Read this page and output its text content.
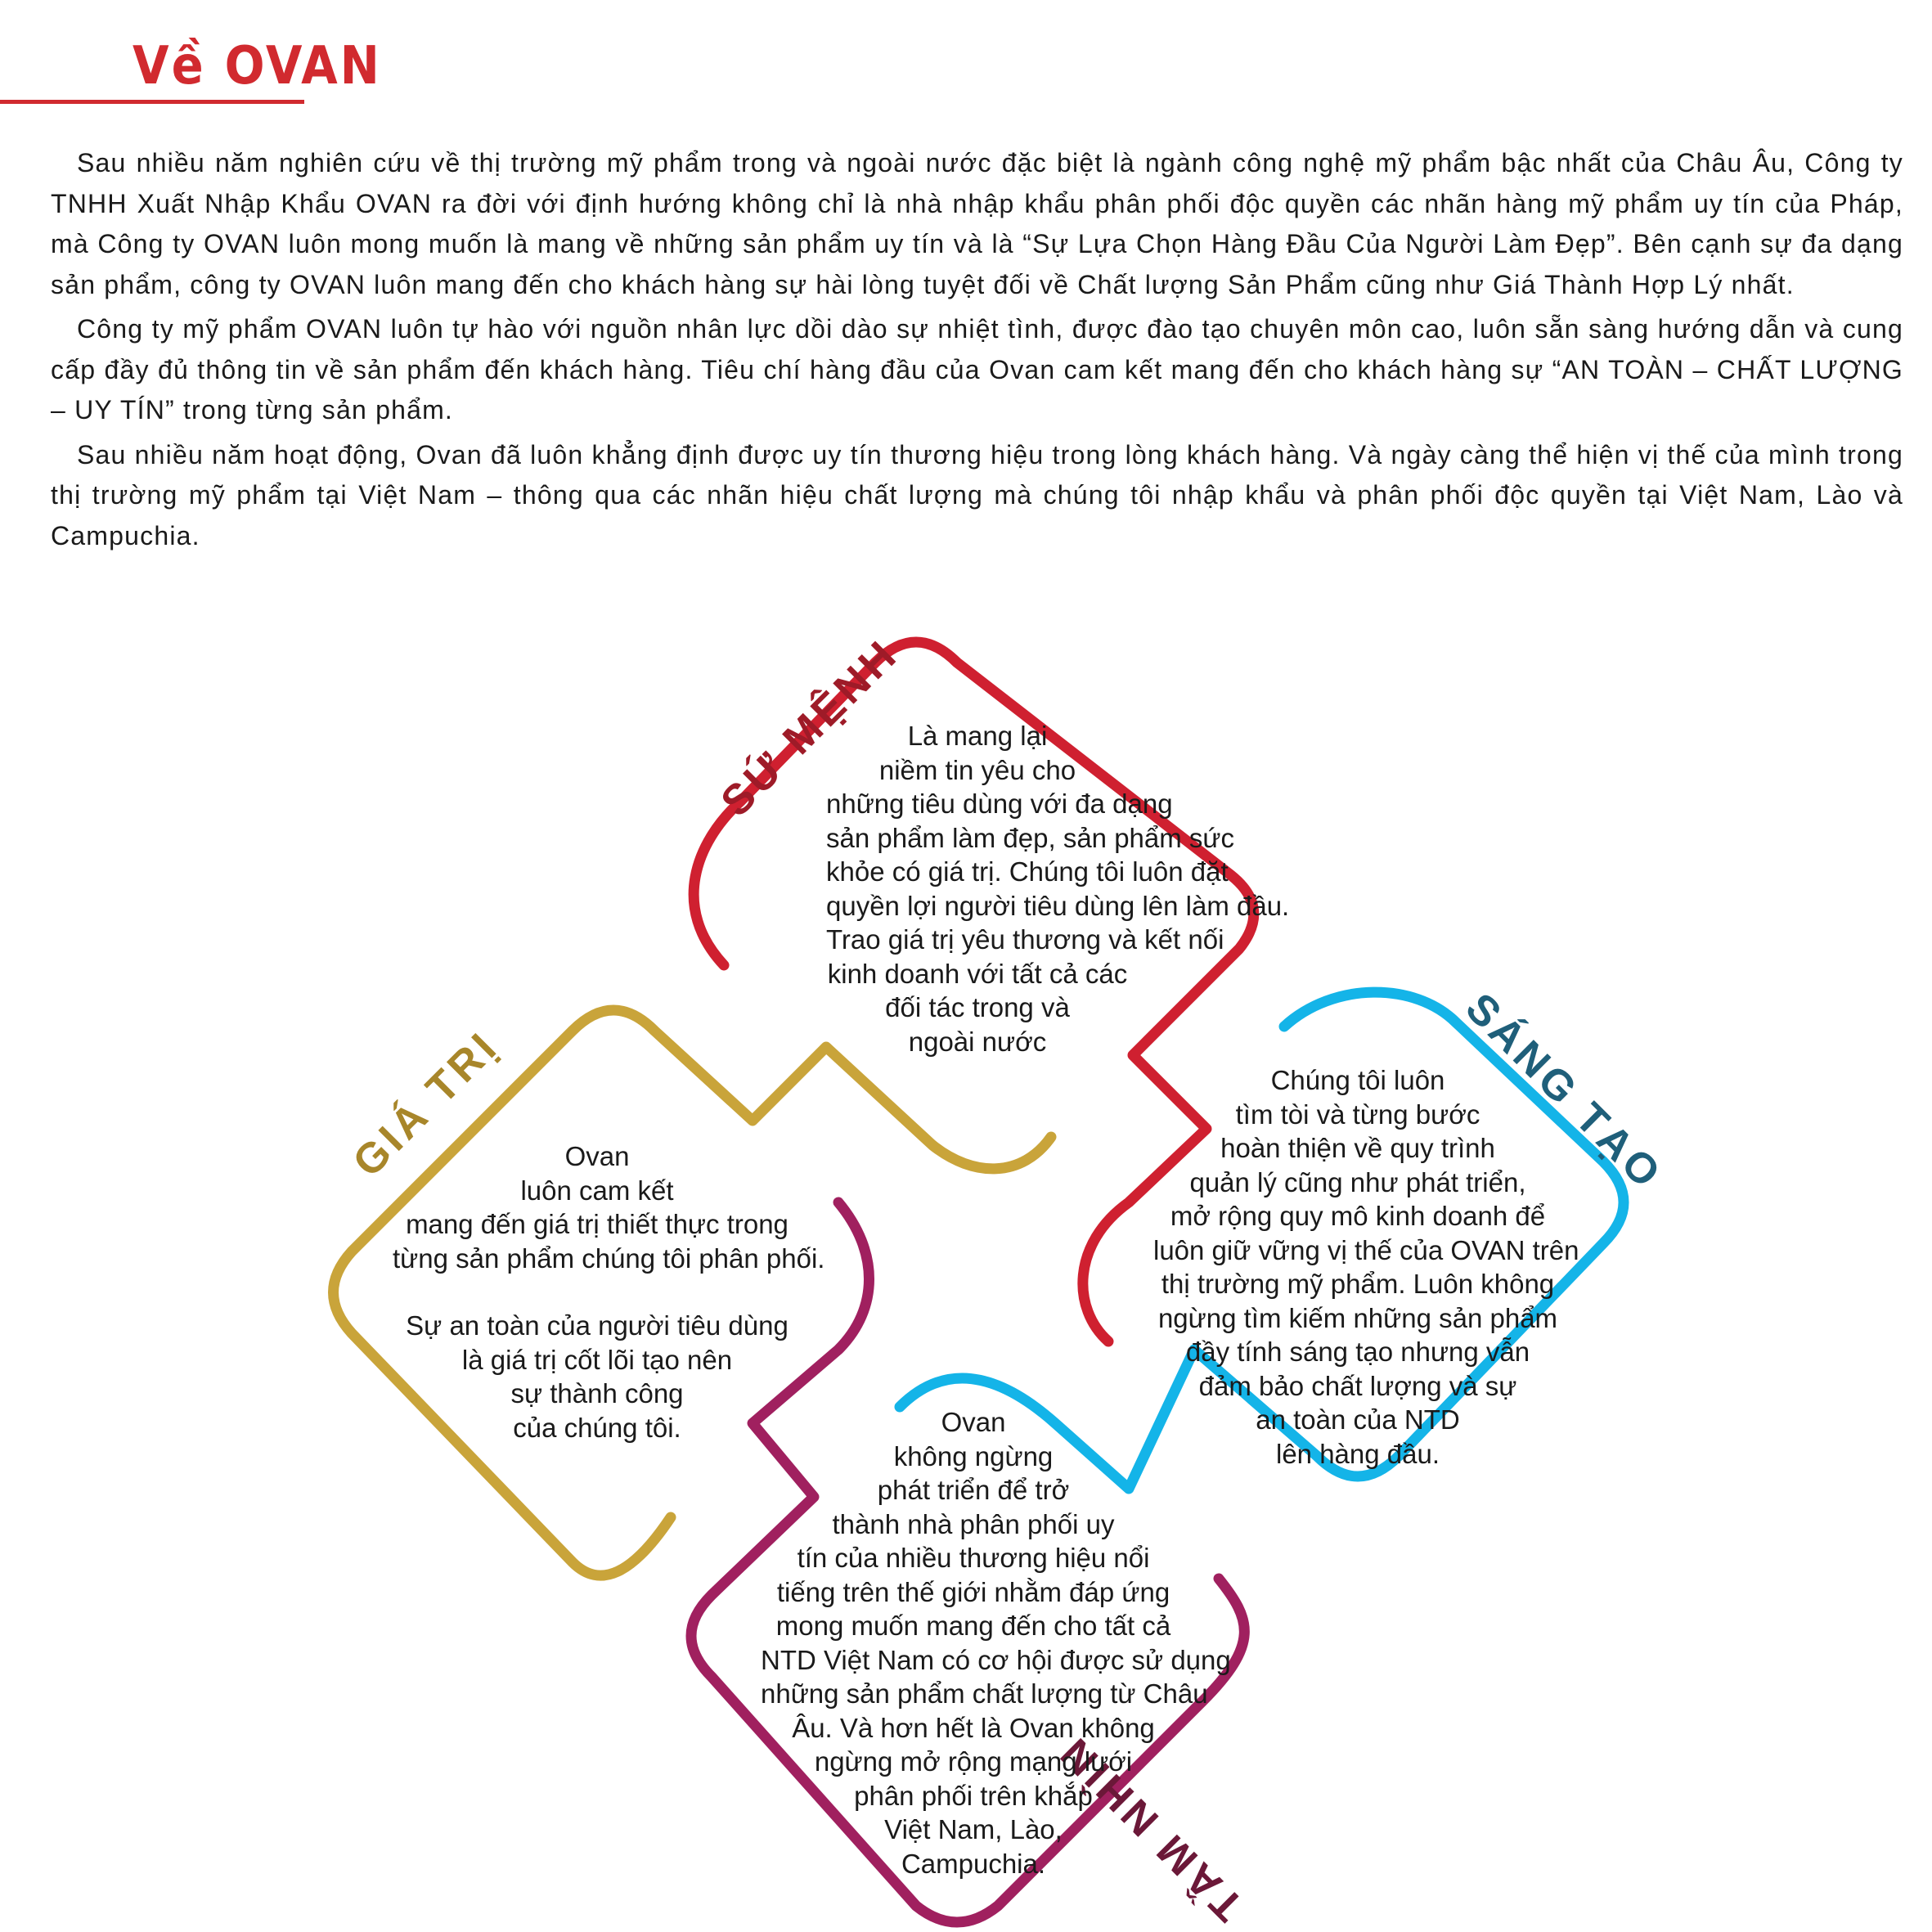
Về OVAN

Sau nhiều năm nghiên cứu về thị trường mỹ phẩm trong và ngoài nước đặc biệt là ngành công nghệ mỹ phẩm bậc nhất của Châu Âu, Công ty TNHH Xuất Nhập Khẩu OVAN ra đời với định hướng không chỉ là nhà nhập khẩu phân phối độc quyền các nhãn hàng mỹ phẩm uy tín của Pháp, mà Công ty OVAN luôn mong muốn là mang về những sản phẩm uy tín và là “Sự Lựa Chọn Hàng Đầu Của Người Làm Đẹp”. Bên cạnh sự đa dạng sản phẩm, công ty OVAN luôn mang đến cho khách hàng sự hài lòng tuyệt đối về Chất lượng Sản Phẩm cũng như Giá Thành Hợp Lý nhất.

Công ty mỹ phẩm OVAN luôn tự hào với nguồn nhân lực dồi dào sự nhiệt tình, được đào tạo chuyên môn cao, luôn sẵn sàng hướng dẫn và cung cấp đầy đủ thông tin về sản phẩm đến khách hàng. Tiêu chí hàng đầu của Ovan cam kết mang đến cho khách hàng sự “AN TOÀN – CHẤT LƯỢNG – UY TÍN” trong từng sản phẩm.

Sau nhiều năm hoạt động, Ovan đã luôn khẳng định được uy tín thương hiệu trong lòng khách hàng. Và ngày càng thể hiện vị thế của mình trong thị trường mỹ phẩm tại Việt Nam – thông qua các nhãn hiệu chất lượng mà chúng tôi nhập khẩu và phân phối độc quyền tại Việt Nam, Lào và Campuchia.

SỨ MỆNH
SÁNG TẠO
GIÁ TRỊ
TẦM NHÌN
Là mang lại
niềm tin yêu cho
những tiêu dùng với đa dạng
sản phẩm làm đẹp, sản phẩm sức
khỏe có giá trị. Chúng tôi luôn đặt
quyền lợi người tiêu dùng lên làm đầu.
Trao giá trị yêu thương và kết nối
kinh doanh với tất cả các
đối tác trong và
ngoài nước
Chúng tôi luôn
tìm tòi và từng bước
hoàn thiện về quy trình
quản lý cũng như phát triển,
mở rộng quy mô kinh doanh để
luôn giữ vững vị thế của OVAN trên
thị trường mỹ phẩm. Luôn không
ngừng tìm kiếm những sản phẩm
đầy tính sáng tạo nhưng vẫn
đảm bảo chất lượng và sự
an toàn của NTD
lên hàng đầu.

Ovan
luôn cam kết
mang đến giá trị thiết thực trong
từng sản phẩm chúng tôi phân phối.

Sự an toàn của người tiêu dùng
là giá trị cốt lõi tạo nên
sự thành công
của chúng tôi.	Ovan
không ngừng
phát triển để trở
thành nhà phân phối uy
tín của nhiều thương hiệu nổi
tiếng trên thế giới nhằm đáp ứng
mong muốn mang đến cho tất cả
NTD Việt Nam có cơ hội được sử dụng
những sản phẩm chất lượng từ Châu
Âu. Và hơn hết là Ovan không
ngừng mở rộng mạng lưới
phân phối trên khắp
Việt Nam, Lào,
Campuchia.
